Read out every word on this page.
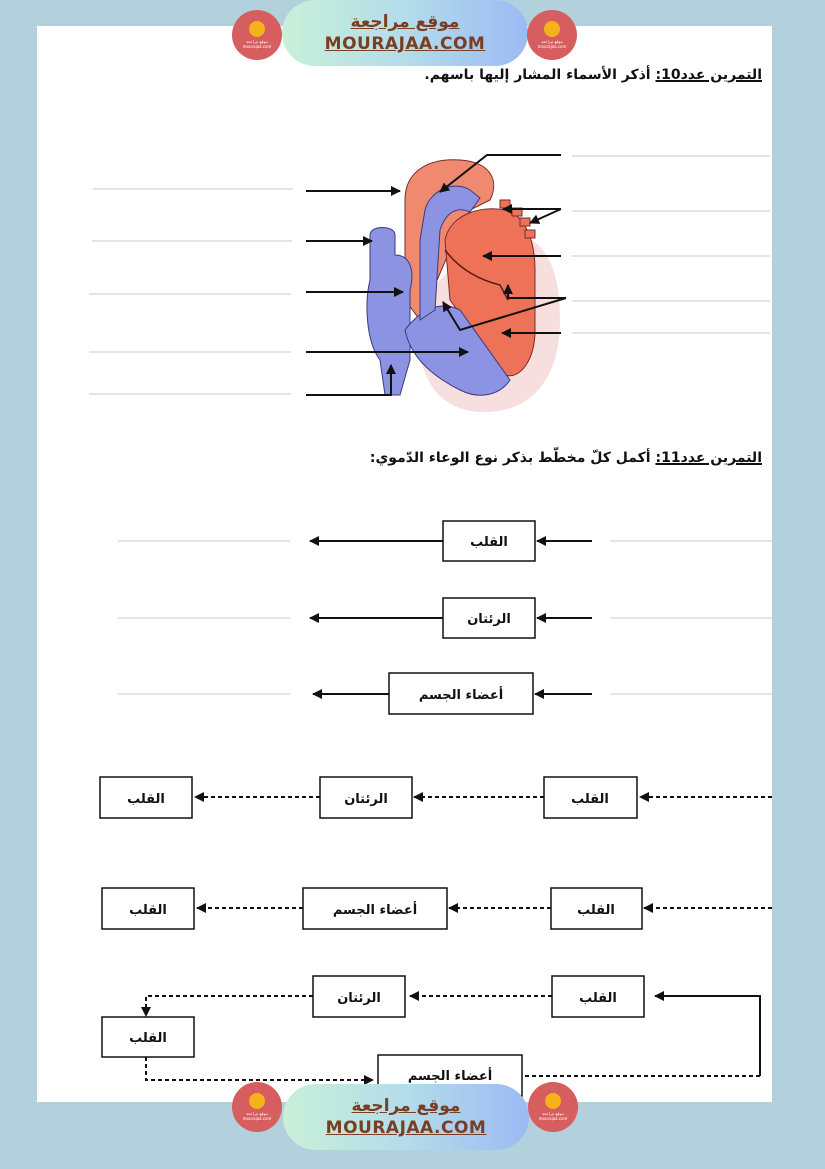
موقع مراجعة
mourajaa.com
موقع مراجعة
MOURAJAA.COM	موقع مراجعة
mourajaa.com
التمرين عدد10: أذكر الأسماء المشار إليها باسهم.
التمرين عدد11: أكمل كلّ مخطّط بذكر نوع الوعاء الدّموي:
القلب
الرئتان
أعضاء الجسم
القلب
الرئتان
القلب
القلب
أعضاء الجسم
القلب
القلب
الرئتان
القلب
أعضاء الجسم
موقع مراجعة
mourajaa.com
موقع مراجعة
MOURAJAA.COM
موقع مراجعة
mourajaa.com
